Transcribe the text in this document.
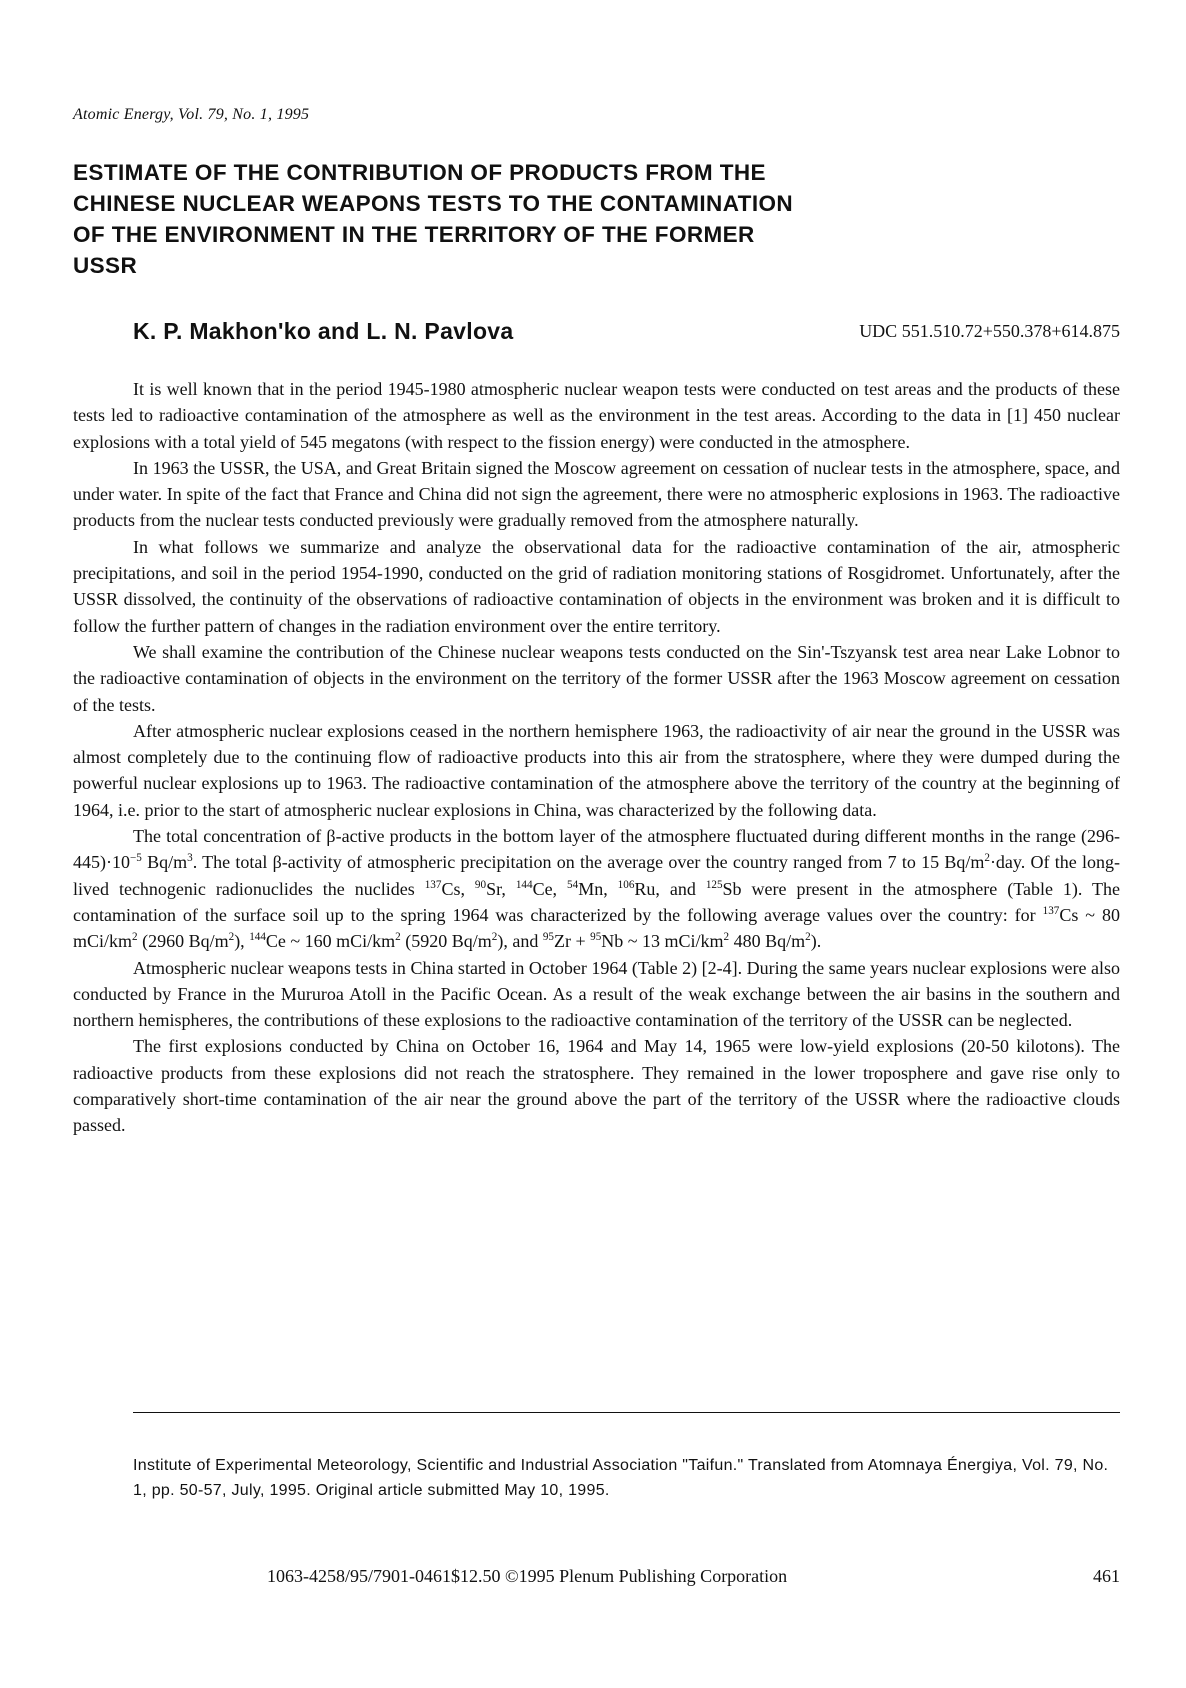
Atomic Energy, Vol. 79, No. 1, 1995
ESTIMATE OF THE CONTRIBUTION OF PRODUCTS FROM THE
CHINESE NUCLEAR WEAPONS TESTS TO THE CONTAMINATION
OF THE ENVIRONMENT IN THE TERRITORY OF THE FORMER
USSR
K. P. Makhon'ko and L. N. Pavlova	UDC 551.510.72+550.378+614.875

It is well known that in the period 1945-1980 atmospheric nuclear weapon tests were conducted on test areas and the products of these tests led to radioactive contamination of the atmosphere as well as the environment in the test areas. According to the data in [1] 450 nuclear explosions with a total yield of 545 megatons (with respect to the fission energy) were conducted in the atmosphere.

In 1963 the USSR, the USA, and Great Britain signed the Moscow agreement on cessation of nuclear tests in the atmosphere, space, and under water. In spite of the fact that France and China did not sign the agreement, there were no atmospheric explosions in 1963. The radioactive products from the nuclear tests conducted previously were gradually removed from the atmosphere naturally.

In what follows we summarize and analyze the observational data for the radioactive contamination of the air, atmospheric precipitations, and soil in the period 1954-1990, conducted on the grid of radiation monitoring stations of Rosgidromet. Unfortunately, after the USSR dissolved, the continuity of the observations of radioactive contamination of objects in the environment was broken and it is difficult to follow the further pattern of changes in the radiation environment over the entire territory.

We shall examine the contribution of the Chinese nuclear weapons tests conducted on the Sin'-Tszyansk test area near Lake Lobnor to the radioactive contamination of objects in the environment on the territory of the former USSR after the 1963 Moscow agreement on cessation of the tests.

After atmospheric nuclear explosions ceased in the northern hemisphere 1963, the radioactivity of air near the ground in the USSR was almost completely due to the continuing flow of radioactive products into this air from the stratosphere, where they were dumped during the powerful nuclear explosions up to 1963. The radioactive contamination of the atmosphere above the territory of the country at the beginning of 1964, i.e. prior to the start of atmospheric nuclear explosions in China, was characterized by the following data.

The total concentration of β-active products in the bottom layer of the atmosphere fluctuated during different months in the range $(296-445)\cdot 10^{-5}$ $Bq/m^3$. The total β-activity of atmospheric precipitation on the average over the country ranged from 7 to 15 $Bq/m^2\cdot day$. Of the long-lived technogenic radionuclides the nuclides $^{137}$Cs, $^{90}$Sr, $^{144}$Ce, $^{54}$Mn, $^{106}$Ru, and $^{125}$Sb were present in the atmosphere (Table 1). The contamination of the surface soil up to the spring 1964 was characterized by the following average values over the country: for $^{137}$Cs ~ 80 mCi/$km^2$ (2960 $Bq/m^2$), $^{144}$Ce ~ 160 mCi/$km^2$ (5920 $Bq/m^2$), and $^{95}$Zr + $^{95}$Nb ~ 13 mCi/$km^2$ 480 $Bq/m^2$).

Atmospheric nuclear weapons tests in China started in October 1964 (Table 2) [2-4]. During the same years nuclear explosions were also conducted by France in the Mururoa Atoll in the Pacific Ocean. As a result of the weak exchange between the air basins in the southern and northern hemispheres, the contributions of these explosions to the radioactive contamination of the territory of the USSR can be neglected.

The first explosions conducted by China on October 16, 1964 and May 14, 1965 were low-yield explosions (20-50 kilotons). The radioactive products from these explosions did not reach the stratosphere. They remained in the lower troposphere and gave rise only to comparatively short-time contamination of the air near the ground above the part of the territory of the USSR where the radioactive clouds passed.

Institute of Experimental Meteorology, Scientific and Industrial Association "Taifun." Translated from Atomnaya Énergiya, Vol. 79, No. 1, pp. 50-57, July, 1995. Original article submitted May 10, 1995.

1063-4258/95/7901-0461$12.50 ©1995 Plenum Publishing Corporation	461
